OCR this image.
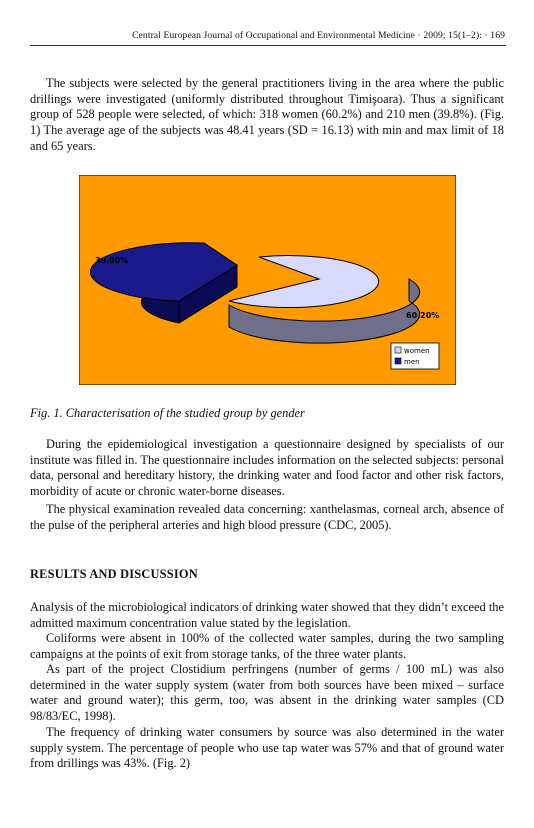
Central European Journal of Occupational and Environmental Medicine · 2009; 15(1–2): · 169

The subjects were selected by the general practitioners living in the area where the public drillings were investigated (uniformly distributed throughout Timişoara). Thus a significant group of 528 people were selected, of which: 318 women (60.2%) and 210 men (39.8%). (Fig. 1) The average age of the subjects was 48.41 years (SD = 16.13) with min and max limit of 18 and 65 years.

39.80%
60.20%
women
men
Fig. 1. Characterisation of the studied group by gender

During the epidemiological investigation a questionnaire designed by specialists of our institute was filled in. The questionnaire includes information on the selected subjects: personal data, personal and hereditary history, the drinking water and food factor and other risk factors, morbidity of acute or chronic water-borne diseases.

The physical examination revealed data concerning: xanthelasmas, corneal arch, absence of the pulse of the peripheral arteries and high blood pressure (CDC, 2005).

RESULTS AND DISCUSSION

Analysis of the microbiological indicators of drinking water showed that they didn’t exceed the admitted maximum concentration value stated by the legislation.

Coliforms were absent in 100% of the collected water samples, during the two sampling campaigns at the points of exit from storage tanks, of the three water plants.

As part of the project Clostidium perfringens (number of germs / 100 mL) was also determined in the water supply system (water from both sources have been mixed – surface water and ground water); this germ, too, was absent in the drinking water samples (CD 98/83/EC, 1998).

The frequency of drinking water consumers by source was also determined in the water supply system. The percentage of people who use tap water was 57% and that of ground water from drillings was 43%. (Fig. 2)
